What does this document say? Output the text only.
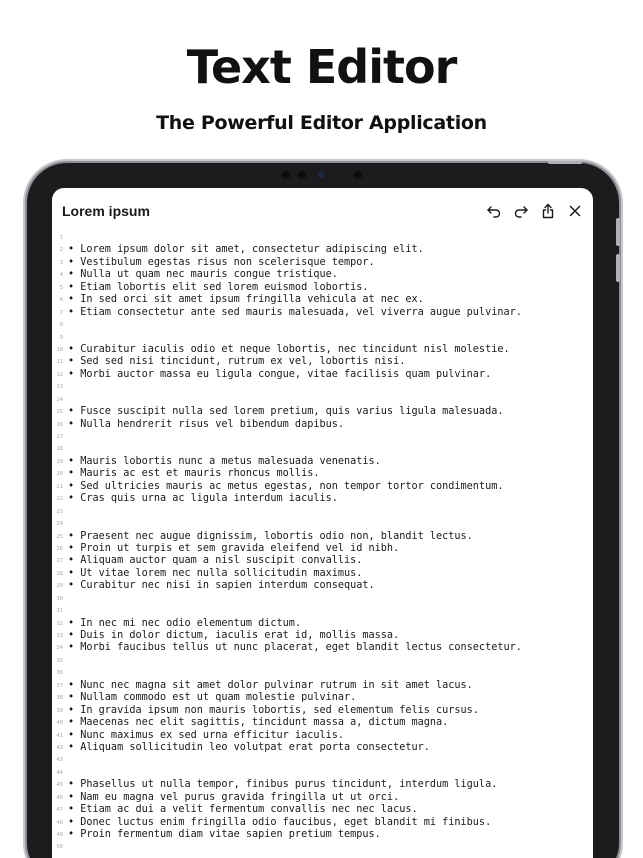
Text Editor
The Powerful Editor Application
Lorem ipsum
1
2 • Lorem ipsum dolor sit amet, consectetur adipiscing elit.
3 • Vestibulum egestas risus non scelerisque tempor.
4 • Nulla ut quam nec mauris congue tristique.
5 • Etiam lobortis elit sed lorem euismod lobortis.
6 • In sed orci sit amet ipsum fringilla vehicula at nec ex.
7 • Etiam consectetur ante sed mauris malesuada, vel viverra augue pulvinar.
8
9
10 • Curabitur iaculis odio et neque lobortis, nec tincidunt nisl molestie.
11 • Sed sed nisi tincidunt, rutrum ex vel, lobortis nisi.
12 • Morbi auctor massa eu ligula congue, vitae facilisis quam pulvinar.
13
14
15 • Fusce suscipit nulla sed lorem pretium, quis varius ligula malesuada.
16 • Nulla hendrerit risus vel bibendum dapibus.
17
18
19 • Mauris lobortis nunc a metus malesuada venenatis.
20 • Mauris ac est et mauris rhoncus mollis.
21 • Sed ultricies mauris ac metus egestas, non tempor tortor condimentum.
22 • Cras quis urna ac ligula interdum iaculis.
23
24
25 • Praesent nec augue dignissim, lobortis odio non, blandit lectus.
26 • Proin ut turpis et sem gravida eleifend vel id nibh.
27 • Aliquam auctor quam a nisl suscipit convallis.
28 • Ut vitae lorem nec nulla sollicitudin maximus.
29 • Curabitur nec nisi in sapien interdum consequat.
30
31
32 • In nec mi nec odio elementum dictum.
33 • Duis in dolor dictum, iaculis erat id, mollis massa.
34 • Morbi faucibus tellus ut nunc placerat, eget blandit lectus consectetur.
35
36
37 • Nunc nec magna sit amet dolor pulvinar rutrum in sit amet lacus.
38 • Nullam commodo est ut quam molestie pulvinar.
39 • In gravida ipsum non mauris lobortis, sed elementum felis cursus.
40 • Maecenas nec elit sagittis, tincidunt massa a, dictum magna.
41 • Nunc maximus ex sed urna efficitur iaculis.
42 • Aliquam sollicitudin leo volutpat erat porta consectetur.
43
44
45 • Phasellus ut nulla tempor, finibus purus tincidunt, interdum ligula.
46 • Nam eu magna vel purus gravida fringilla ut ut orci.
47 • Etiam ac dui a velit fermentum convallis nec nec lacus.
48 • Donec luctus enim fringilla odio faucibus, eget blandit mi finibus.
49 • Proin fermentum diam vitae sapien pretium tempus.
50
